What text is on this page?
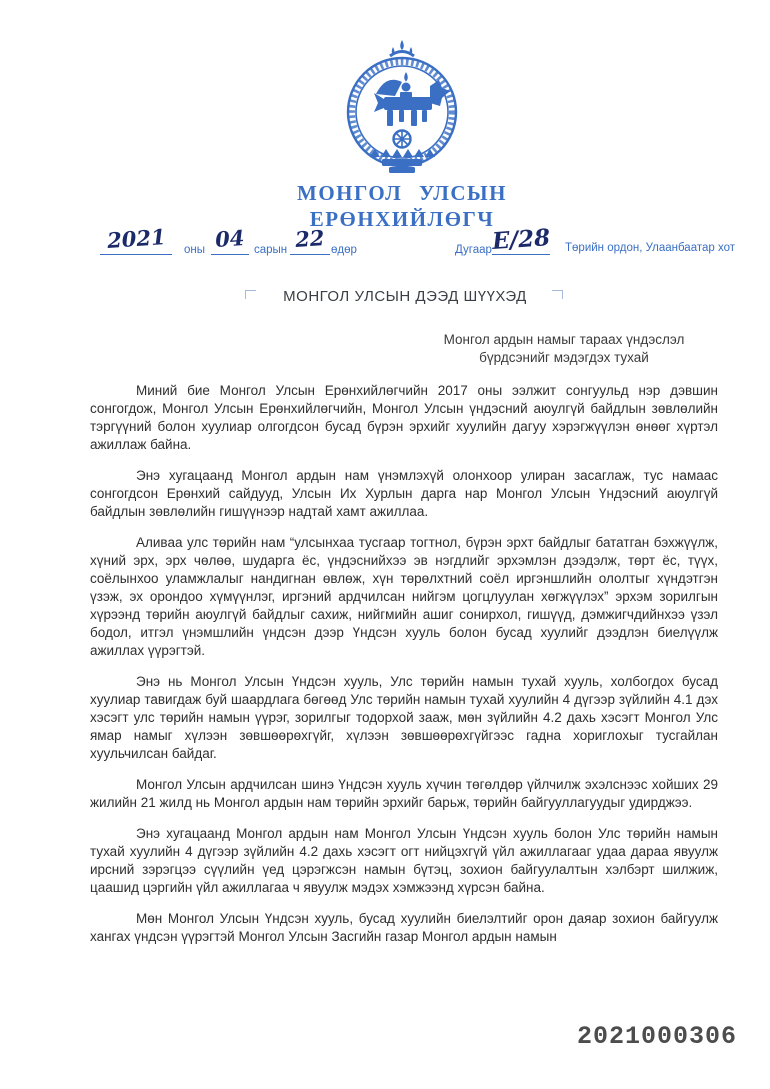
МОНГОЛ УЛСЫН
ЕРӨНХИЙЛӨГЧ
2021	оны 04 сарын 22 өдөр	Дугаар Е/28 Төрийн ордон, Улаанбаатар хот
МОНГОЛ УЛСЫН ДЭЭД ШҮҮХЭД
Монгол ардын намыг тараах үндэслэл
бүрдсэнийг мэдэгдэх тухай

Миний бие Монгол Улсын Ерөнхийлөгчийн 2017 оны ээлжит сонгуульд нэр дэвшин сонгогдож, Монгол Улсын Ерөнхийлөгчийн, Монгол Улсын үндэсний аюулгүй байдлын зөвлөлийн тэргүүний болон хуулиар олгогдсон бусад бүрэн эрхийг хуулийн дагуу хэрэгжүүлэн өнөөг хүртэл ажиллаж байна.

Энэ хугацаанд Монгол ардын нам үнэмлэхүй олонхоор улиран засаглаж, тус намаас сонгогдсон Ерөнхий сайдууд, Улсын Их Хурлын дарга нар Монгол Улсын Үндэсний аюулгүй байдлын зөвлөлийн гишүүнээр надтай хамт ажиллаа.

Аливаа улс төрийн нам “улсынхаа тусгаар тогтнол, бүрэн эрхт байдлыг бататган бэхжүүлж, хүний эрх, эрх чөлөө, шударга ёс, үндэснийхээ эв нэгдлийг эрхэмлэн дээдэлж, төрт ёс, түүх, соёлынхоо уламжлалыг нандигнан өвлөж, хүн төрөлхтний соёл иргэншлийн ололтыг хүндэтгэн үзэж, эх орондоо хүмүүнлэг, иргэний ардчилсан нийгэм цогцлуулан хөгжүүлэх” эрхэм зорилгын хүрээнд төрийн аюулгүй байдлыг сахиж, нийгмийн ашиг сонирхол, гишүүд, дэмжигчдийнхээ үзэл бодол, итгэл үнэмшлийн үндсэн дээр Үндсэн хууль болон бусад хуулийг дээдлэн биелүүлж ажиллах үүрэгтэй.

Энэ нь Монгол Улсын Үндсэн хууль, Улс төрийн намын тухай хууль, холбогдох бусад хуулиар тавигдаж буй шаардлага бөгөөд Улс төрийн намын тухай хуулийн 4 дүгээр зүйлийн 4.1 дэх хэсэгт улс төрийн намын үүрэг, зорилгыг тодорхой зааж, мөн зүйлийн 4.2 дахь хэсэгт Монгол Улс ямар намыг хүлээн зөвшөөрөхгүйг, хүлээн зөвшөөрөхгүйгээс гадна хориглохыг тусгайлан хуульчилсан байдаг.

Монгол Улсын ардчилсан шинэ Үндсэн хууль хүчин төгөлдөр үйлчилж эхэлснээс хойших 29 жилийн 21 жилд нь Монгол ардын нам төрийн эрхийг барьж, төрийн байгууллагуудыг удирджээ.

Энэ хугацаанд Монгол ардын нам Монгол Улсын Үндсэн хууль болон Улс төрийн намын тухай хуулийн 4 дүгээр зүйлийн 4.2 дахь хэсэгт огт нийцэхгүй үйл ажиллагааг удаа дараа явуулж ирсний зэрэгцээ сүүлийн үед цэрэгжсэн намын бүтэц, зохион байгуулалтын хэлбэрт шилжиж, цаашид цэргийн үйл ажиллагаа ч явуулж мэдэх хэмжээнд хүрсэн байна.

Мөн Монгол Улсын Үндсэн хууль, бусад хуулийн биелэлтийг орон даяар зохион байгуулж хангах үндсэн үүрэгтэй Монгол Улсын Засгийн газар Монгол ардын намын

2021000306
